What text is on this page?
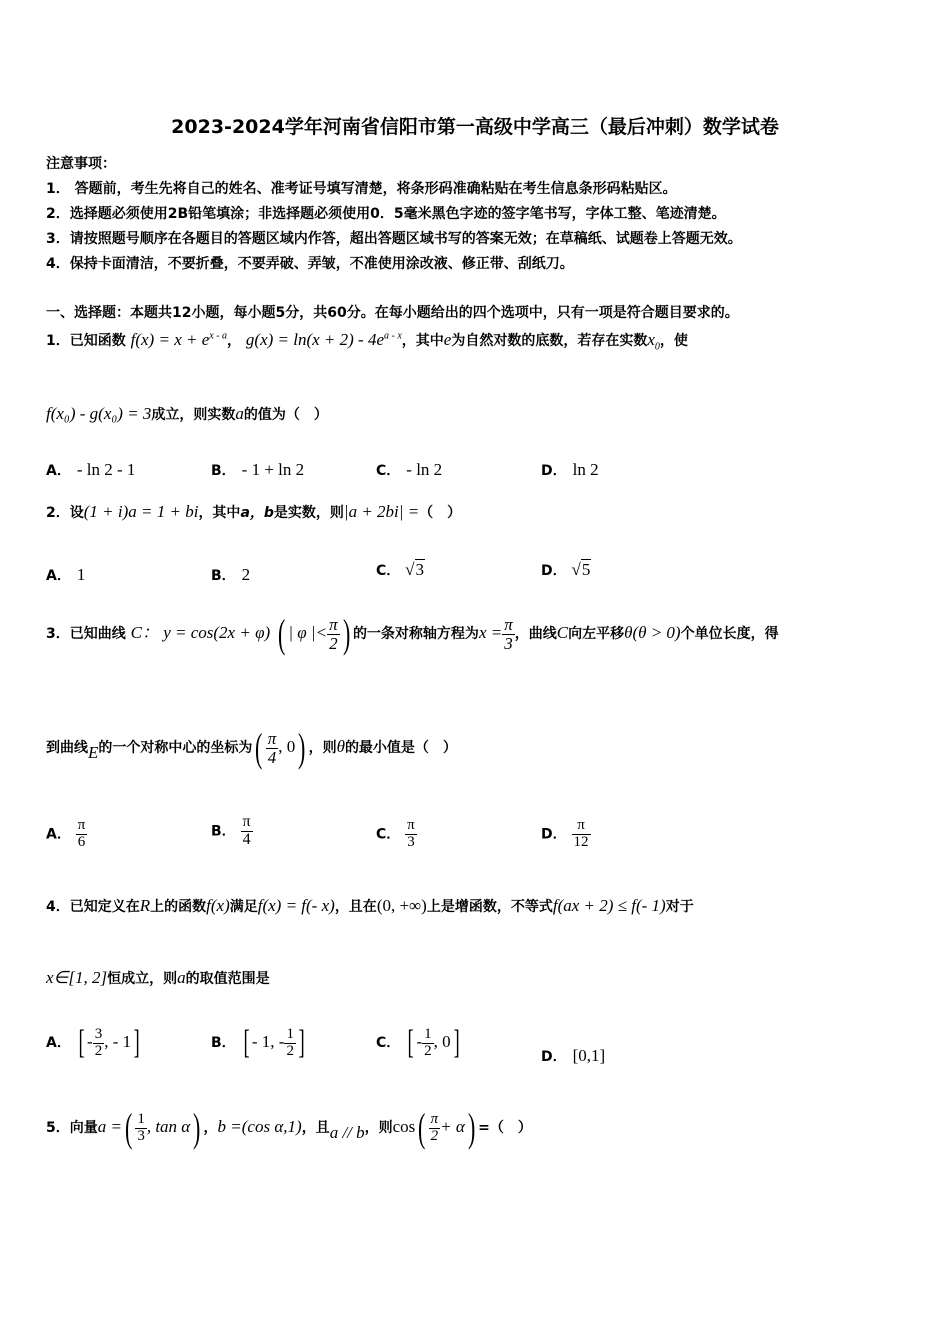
2023-2024学年河南省信阳市第一高级中学高三（最后冲刺）数学试卷
注意事项：
1． 答题前，考生先将自己的姓名、准考证号填写清楚，将条形码准确粘贴在考生信息条形码粘贴区。
2．选择题必须使用2B铅笔填涂；非选择题必须使用0．5毫米黑色字迹的签字笔书写，字体工整、笔迹清楚。
3．请按照题号顺序在各题目的答题区域内作答，超出答题区域书写的答案无效；在草稿纸、试题卷上答题无效。
4．保持卡面清洁，不要折叠，不要弄破、弄皱，不准使用涂改液、修正带、刮纸刀。
一、选择题：本题共12小题，每小题5分，共60分。在每小题给出的四个选项中，只有一项是符合题目要求的。
1．已知函数 $f(x) = x + e^{x - a}$， $g(x) = \ln(x + 2) - 4e^{a - x}$，其中e为自然对数的底数，若存在实数$x_0$，使
f(x₀) - g(x₀) = 3成立，则实数a的值为（　）
A． - ln 2 - 1	B． - 1 + ln 2	C． - ln 2	D． ln 2
2．设(1 + i)a = 1 + bi，其中a，b是实数，则|a + 2bi| =（　）
A． 1	B． 2	C． √3	D． √5
3．已知曲线 C： y = cos(2x + φ) ( | φ |< $\frac{\pi}{2}$ ) 的一条对称轴方程为$x = \frac{\pi}{3}$ ，曲线C向左平移θ(θ > 0)个单位长度，得
到曲线E的一个对称中心的坐标为( $\frac{\pi}{4}$ , 0) ，则θ的最小值是（　）
A． $\frac{\pi}{6}$	B． $\frac{\pi}{4}$	C． $\frac{\pi}{3}$	D． $\frac{\pi}{12}$
4．已知定义在R上的函数f(x)满足f(x) = f(- x)，且在(0, +∞)上是增函数，不等式f(ax + 2) ≤ f(- 1)对于
x∈[1, 2]恒成立，则a的取值范围是
A． [ - $\frac{3}{2}$ , - 1]	B． [ - 1, - $\frac{1}{2}$ ]	C． [ - $\frac{1}{2}$ , 0]	D． [0,1]
5．向量a =( $\frac{1}{3}$ , tan α) ，b =(cos α,1)，且a // b，则$\cos( \frac{\pi}{2} + \alpha)$ =（　）
